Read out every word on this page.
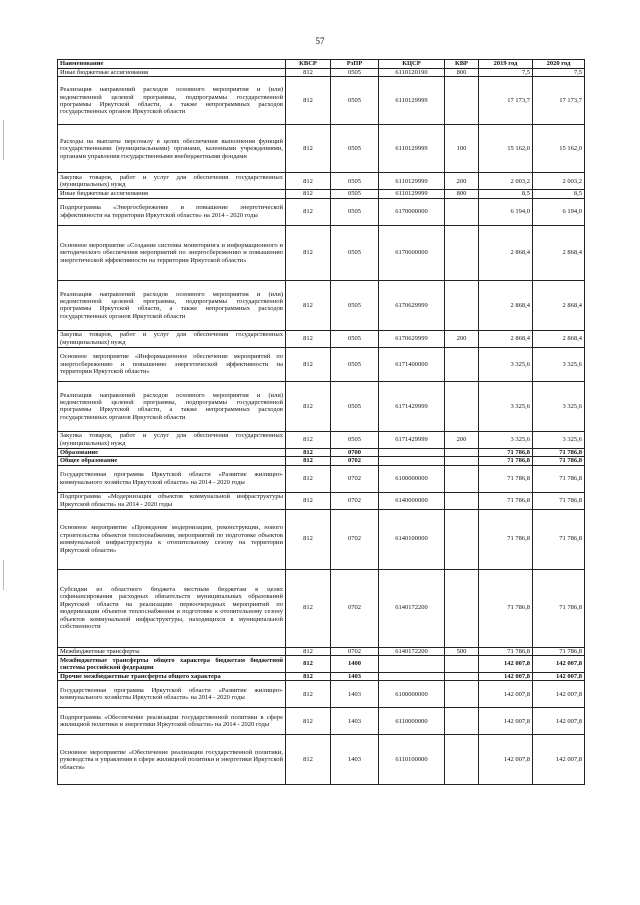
57
Наименование	КВСР	РзПР	КЦСР	КВР	2019 год	2020 год
Иные бюджетные ассигнования	812	0505	6110120190	800	7,5	7,5
Реализация направлений расходов основного мероприятия и (или) ведомственной целевой программы, подпрограммы государственной программы Иркутской области, а также непрограммных расходов государственных органов Иркутской области	812	0505	6110129999		17 173,7	17 173,7
Расходы на выплаты персоналу в целях обеспечения выполнения функций государственными (муниципальными) органами, казенными учреждениями, органами управления государственными внебюджетными фондами	812	0505	6110129999	100	15 162,0	15 162,0
Закупка товаров, работ и услуг для обеспечения государственных (муниципальных) нужд	812	0505	6110129999	200	2 003,2	2 003,2
Иные бюджетные ассигнования	812	0505	6110129999	800	8,5	8,5
Подпрограмма «Энергосбережение и повышение энергетической эффективности на территории Иркутской области» на 2014 - 2020 годы	812	0505	6170000000		6 194,0	6 194,0
Основное мероприятие «Создание системы мониторинга и информационного и методического обеспечения мероприятий по энергосбережению и повышению энергетической эффективности на территории Иркутской области»	812	0505	6170600000		2 868,4	2 868,4
Реализация направлений расходов основного мероприятия и (или) ведомственной целевой программы, подпрограммы государственной программы Иркутской области, а также непрограммных расходов государственных органов Иркутской области	812	0505	6170629999		2 868,4	2 868,4
Закупка товаров, работ и услуг для обеспечения государственных (муниципальных) нужд	812	0505	6170629999	200	2 868,4	2 868,4
Основное мероприятие «Информационное обеспечение мероприятий по энергосбережению и повышению энергетической эффективности на территории Иркутской области»	812	0505	6171400000		3 325,6	3 325,6
Реализация направлений расходов основного мероприятия и (или) ведомственной целевой программы, подпрограммы государственной программы Иркутской области, а также непрограммных расходов государственных органов Иркутской области	812	0505	6171429999		3 325,6	3 325,6
Закупка товаров, работ и услуг для обеспечения государственных (муниципальных) нужд	812	0505	6171429999	200	3 325,6	3 325,6
Образование	812	0700			71 786,8	71 786,8
Общее образование	812	0702			71 786,8	71 786,8
Государственная программа Иркутской области «Развитие жилищно-коммунального хозяйства Иркутской области» на 2014 - 2020 годы	812	0702	6100000000		71 786,8	71 786,8
Подпрограмма «Модернизация объектов коммунальной инфраструктуры Иркутской области» на 2014 - 2020 годы	812	0702	6140000000		71 786,8	71 786,8
Основное мероприятие «Проведение модернизации, реконструкции, нового строительства объектов теплоснабжения, мероприятий по подготовке объектов коммунальной инфраструктуры к отопительному сезону на территории Иркутской области»	812	0702	6140100000		71 786,8	71 786,8
Субсидии из областного бюджета местным бюджетам в целях софинансирования расходных обязательств муниципальных образований Иркутской области на реализацию первоочередных мероприятий по модернизации объектов теплоснабжения и подготовке к отопительному сезону объектов коммунальной инфраструктуры, находящихся в муниципальной собственности	812	0702	6140172200		71 786,8	71 786,8
Межбюджетные трансферты	812	0702	6140172200	500	71 786,8	71 786,8
Межбюджетные трансферты общего характера бюджетам бюджетной системы российской федерации	812	1400			142 007,8	142 007,8
Прочие межбюджетные трансферты общего характера	812	1403			142 007,8	142 007,8
Государственная программа Иркутской области «Развитие жилищно-коммунального хозяйства Иркутской области» на 2014 - 2020 годы	812	1403	6100000000		142 007,8	142 007,8
Подпрограмма «Обеспечение реализации государственной политики в сфере жилищной политики и энергетики Иркутской области» на 2014 - 2020 годы	812	1403	6110000000		142 007,8	142 007,8
Основное мероприятие «Обеспечение реализации государственной политики, руководства и управления в сфере жилищной политики и энергетики Иркутской области»	812	1403	6110100000		142 007,8	142 007,8
